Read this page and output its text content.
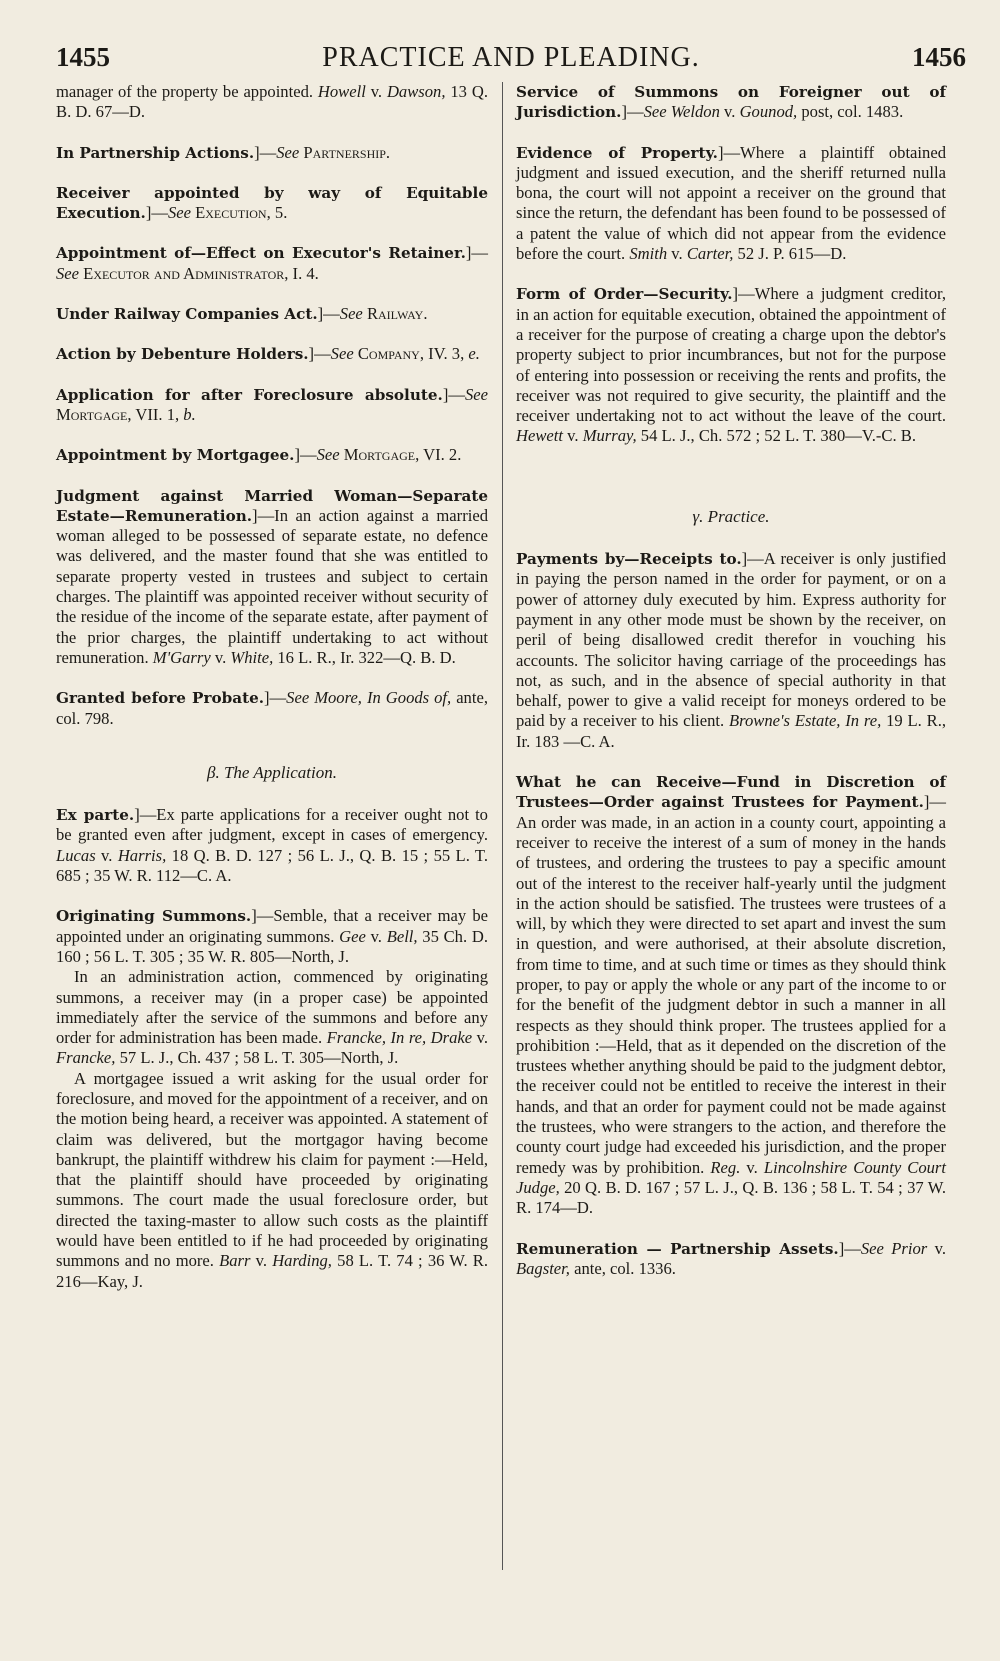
1455	PRACTICE AND PLEADING.	1456

manager of the property be appointed. Howell v. Dawson, 13 Q. B. D. 67—D.

In Partnership Actions.]—See Partnership.

Receiver appointed by way of Equitable Execution.]—See Execution, 5.

Appointment of—Effect on Executor's Retainer.]—See Executor and Administrator, I. 4.

Under Railway Companies Act.]—See Railway.

Action by Debenture Holders.]—See Company, IV. 3, e.

Application for after Foreclosure absolute.]—See Mortgage, VII. 1, b.

Appointment by Mortgagee.]—See Mortgage, VI. 2.

Judgment against Married Woman—Separate Estate—Remuneration.]—In an action against a married woman alleged to be possessed of separate estate, no defence was delivered, and the master found that she was entitled to separate property vested in trustees and subject to certain charges. The plaintiff was appointed receiver without security of the residue of the income of the separate estate, after payment of the prior charges, the plaintiff undertaking to act without remuneration. M'Garry v. White, 16 L. R., Ir. 322—Q. B. D.

Granted before Probate.]—See Moore, In Goods of, ante, col. 798.

β. The Application.

Ex parte.]—Ex parte applications for a receiver ought not to be granted even after judgment, except in cases of emergency. Lucas v. Harris, 18 Q. B. D. 127 ; 56 L. J., Q. B. 15 ; 55 L. T. 685 ; 35 W. R. 112—C. A.

Originating Summons.]—Semble, that a receiver may be appointed under an originating summons. Gee v. Bell, 35 Ch. D. 160 ; 56 L. T. 305 ; 35 W. R. 805—North, J.

In an administration action, commenced by originating summons, a receiver may (in a proper case) be appointed immediately after the service of the summons and before any order for administration has been made. Francke, In re, Drake v. Francke, 57 L. J., Ch. 437 ; 58 L. T. 305—North, J.

A mortgagee issued a writ asking for the usual order for foreclosure, and moved for the appointment of a receiver, and on the motion being heard, a receiver was appointed. A statement of claim was delivered, but the mortgagor having become bankrupt, the plaintiff withdrew his claim for payment :—Held, that the plaintiff should have proceeded by originating summons. The court made the usual foreclosure order, but directed the taxing-master to allow such costs as the plaintiff would have been entitled to if he had proceeded by originating summons and no more. Barr v. Harding, 58 L. T. 74 ; 36 W. R. 216—Kay, J.

Service of Summons on Foreigner out of Jurisdiction.]—See Weldon v. Gounod, post, col. 1483.

Evidence of Property.]—Where a plaintiff obtained judgment and issued execution, and the sheriff returned nulla bona, the court will not appoint a receiver on the ground that since the return, the defendant has been found to be possessed of a patent the value of which did not appear from the evidence before the court. Smith v. Carter, 52 J. P. 615—D.

Form of Order—Security.]—Where a judgment creditor, in an action for equitable execution, obtained the appointment of a receiver for the purpose of creating a charge upon the debtor's property subject to prior incumbrances, but not for the purpose of entering into possession or receiving the rents and profits, the receiver was not required to give security, the plaintiff and the receiver undertaking not to act without the leave of the court. Hewett v. Murray, 54 L. J., Ch. 572 ; 52 L. T. 380—V.-C. B.

γ. Practice.

Payments by—Receipts to.]—A receiver is only justified in paying the person named in the order for payment, or on a power of attorney duly executed by him. Express authority for payment in any other mode must be shown by the receiver, on peril of being disallowed credit therefor in vouching his accounts. The solicitor having carriage of the proceedings has not, as such, and in the absence of special authority in that behalf, power to give a valid receipt for moneys ordered to be paid by a receiver to his client. Browne's Estate, In re, 19 L. R., Ir. 183 —C. A.

What he can Receive—Fund in Discretion of Trustees—Order against Trustees for Payment.]—An order was made, in an action in a county court, appointing a receiver to receive the interest of a sum of money in the hands of trustees, and ordering the trustees to pay a specific amount out of the interest to the receiver half-yearly until the judgment in the action should be satisfied. The trustees were trustees of a will, by which they were directed to set apart and invest the sum in question, and were authorised, at their absolute discretion, from time to time, and at such time or times as they should think proper, to pay or apply the whole or any part of the income to or for the benefit of the judgment debtor in such a manner in all respects as they should think proper. The trustees applied for a prohibition :—Held, that as it depended on the discretion of the trustees whether anything should be paid to the judgment debtor, the receiver could not be entitled to receive the interest in their hands, and that an order for payment could not be made against the trustees, who were strangers to the action, and therefore the county court judge had exceeded his jurisdiction, and the proper remedy was by prohibition. Reg. v. Lincolnshire County Court Judge, 20 Q. B. D. 167 ; 57 L. J., Q. B. 136 ; 58 L. T. 54 ; 37 W. R. 174—D.

Remuneration — Partnership Assets.]—See Prior v. Bagster, ante, col. 1336.
